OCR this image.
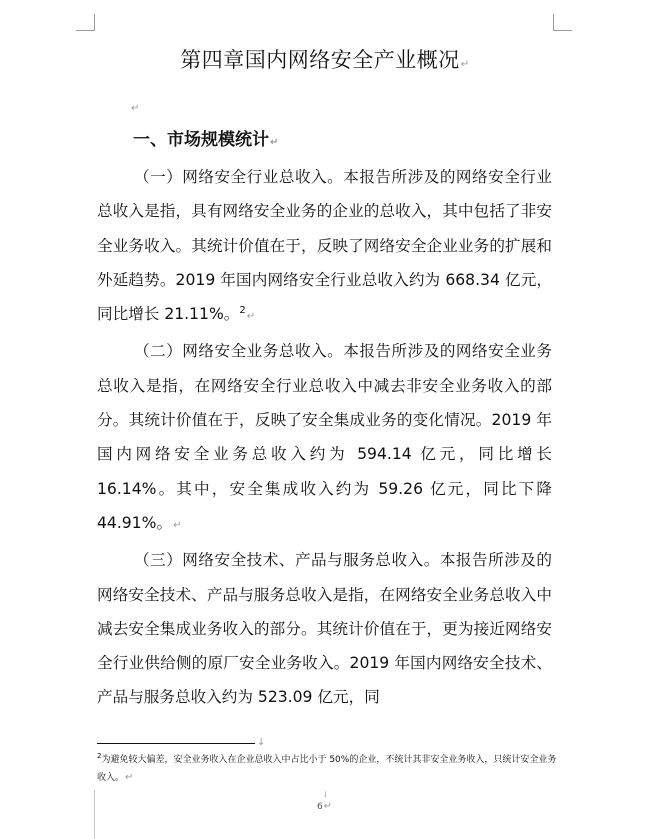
第四章国内网络安全产业概况↵
↵
一、市场规模统计↵

（一）网络安全行业总收入。本报告所涉及的网络安全行业总收入是指，具有网络安全业务的企业的总收入，其中包括了非安全业务收入。其统计价值在于，反映了网络安全企业业务的扩展和外延趋势。2019 年国内网络安全行业总收入约为 668.34 亿元，同比增长 21.11%。$^2$↵

（二）网络安全业务总收入。本报告所涉及的网络安全业务总收入是指，在网络安全行业总收入中减去非安全业务收入的部分。其统计价值在于，反映了安全集成业务的变化情况。2019 年国内网络安全业务总收入约为 594.14 亿元，同比增长 16.14%。其中，安全集成收入约为 59.26 亿元，同比下降 44.91%。↵

（三）网络安全技术、产品与服务总收入。本报告所涉及的网络安全技术、产品与服务总收入是指，在网络安全业务总收入中减去安全集成业务收入的部分。其统计价值在于，更为接近网络安全行业供给侧的原厂安全业务收入。2019 年国内网络安全技术、产品与服务总收入约为 523.09 亿元，同

↓
$^2$为避免较大偏差，安全业务收入在企业总收入中占比小于 50%的企业，不统计其非安全业务收入，只统计安全业务收入。↵
↓
6↵
